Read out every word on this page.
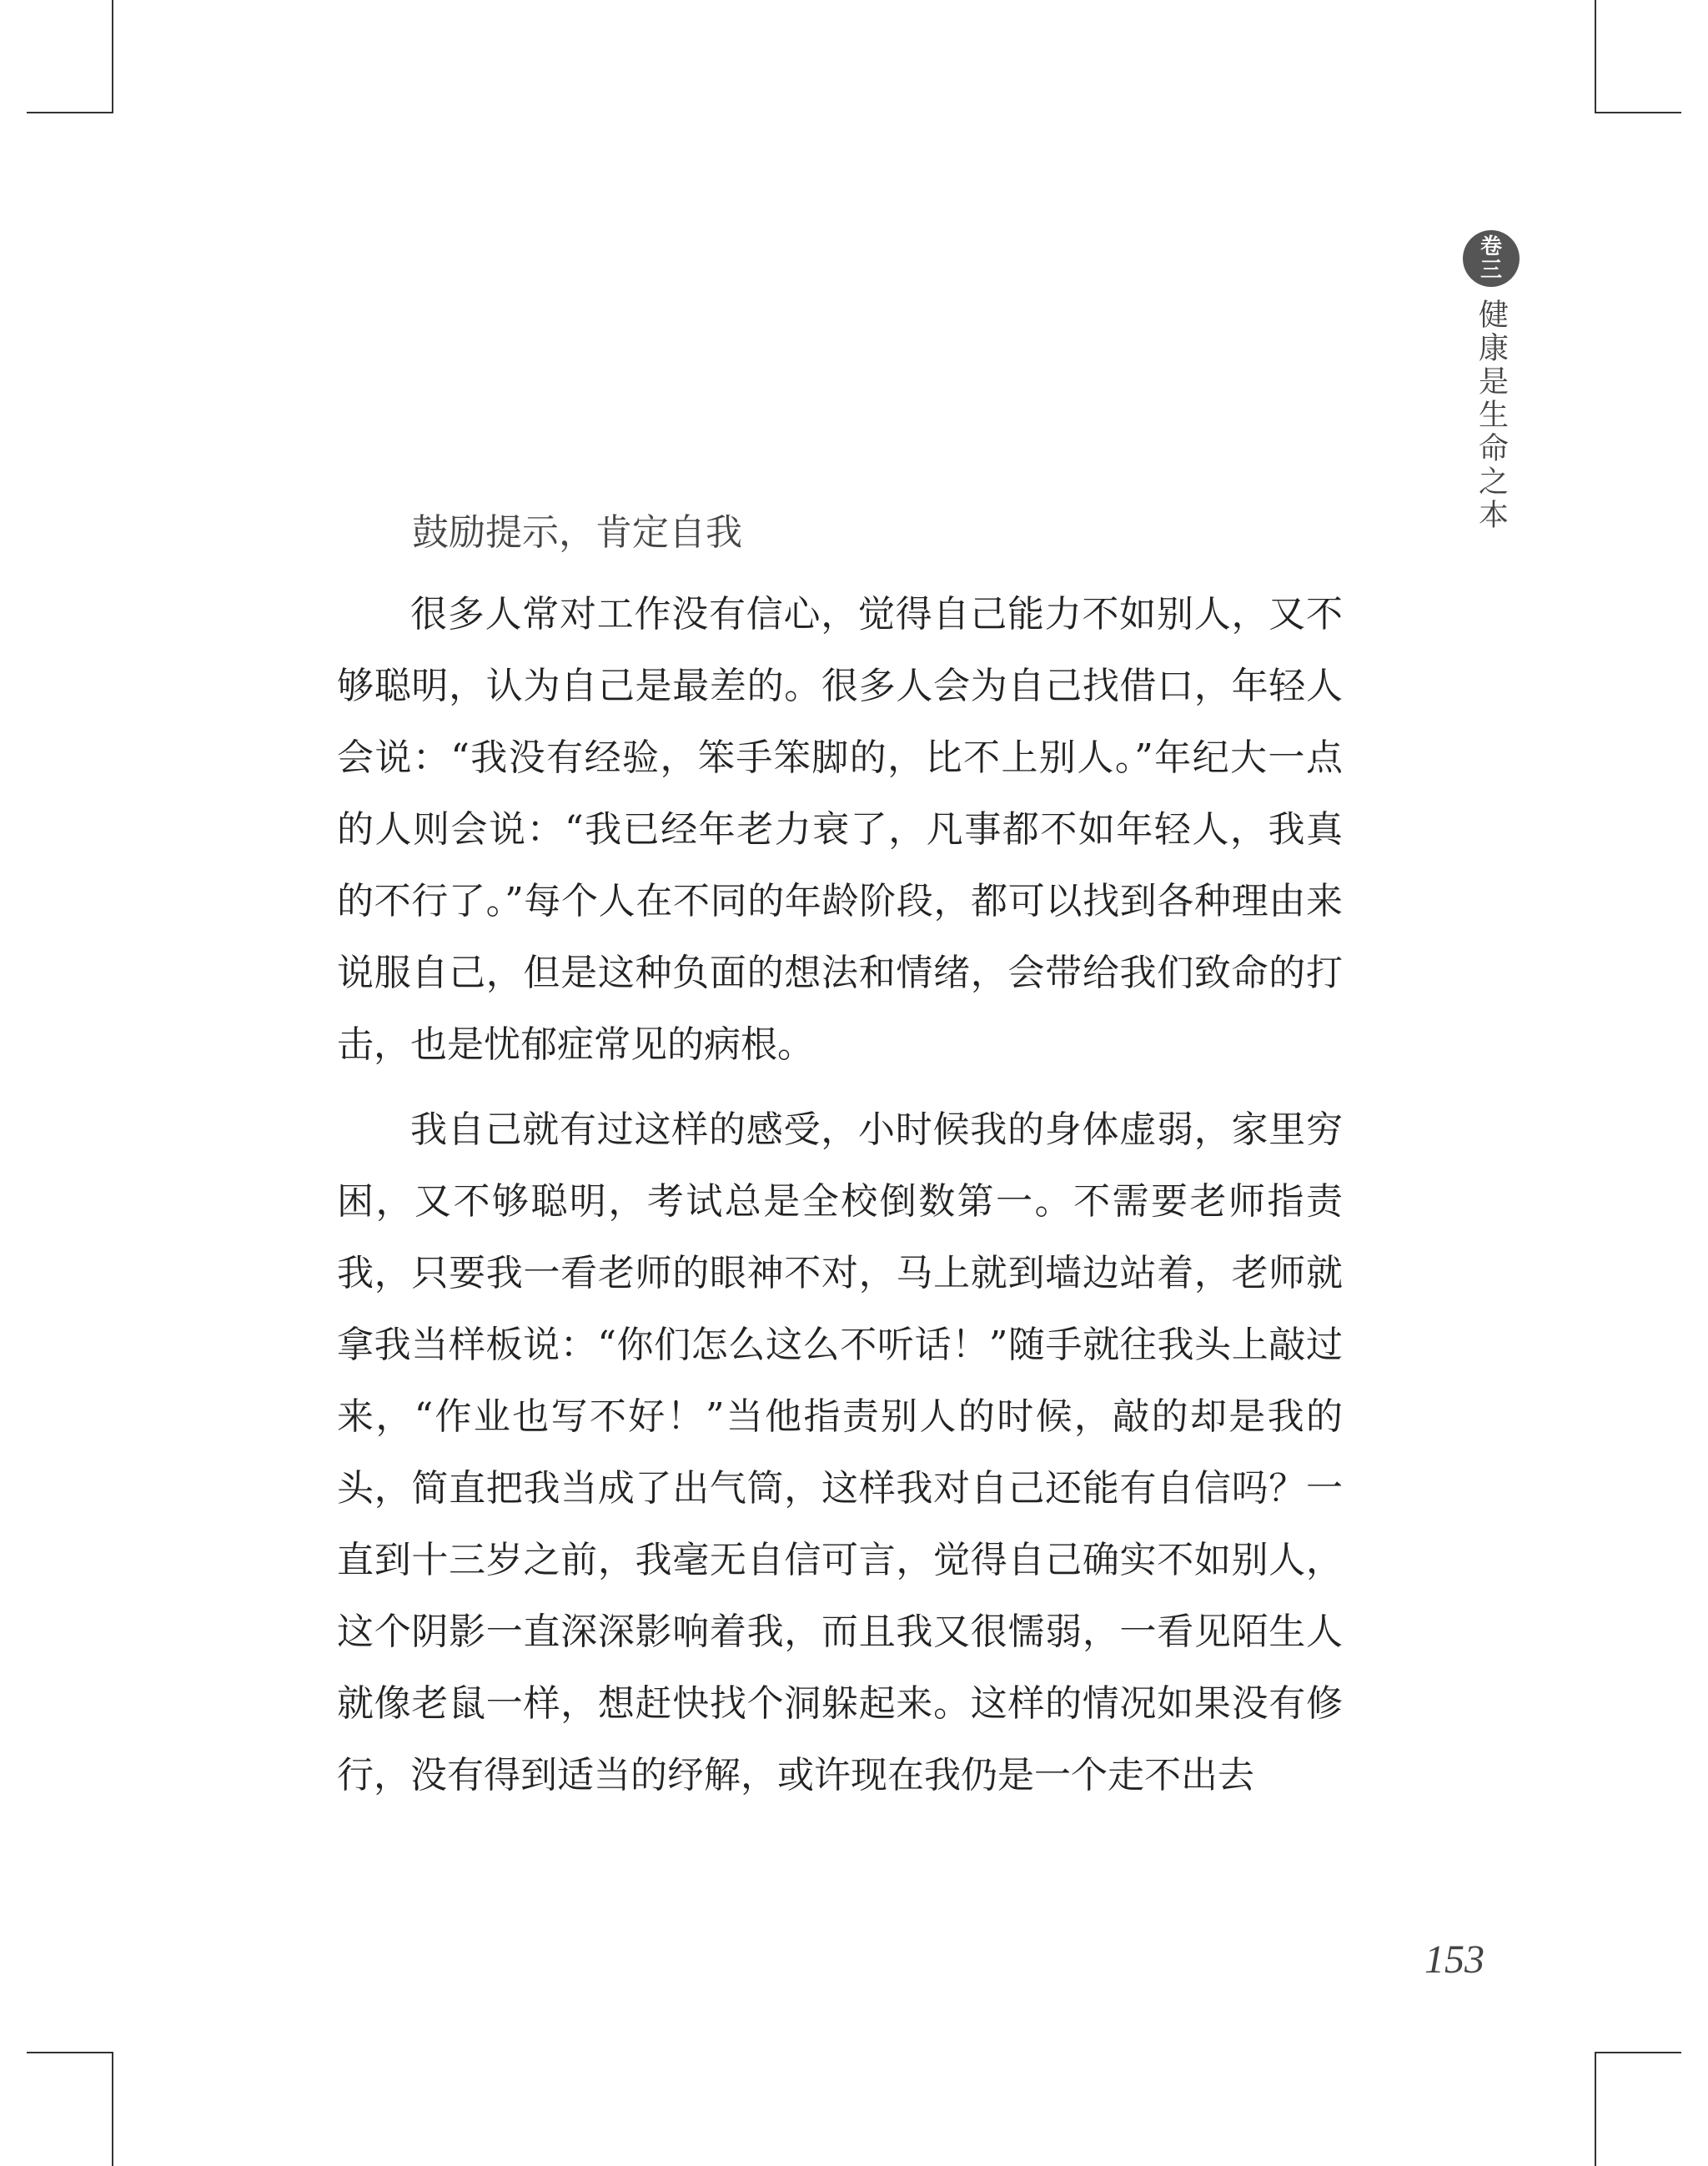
卷
三
健康是生命之本
鼓励提示，肯定自我

很多人常对工作没有信心，觉得自己能力不如别人，又不够聪明，认为自己是最差的。很多人会为自己找借口，年轻人会说：“我没有经验，笨手笨脚的，比不上别人。”年纪大一点的人则会说：“我已经年老力衰了，凡事都不如年轻人，我真的不行了。”每个人在不同的年龄阶段，都可以找到各种理由来说服自己，但是这种负面的想法和情绪，会带给我们致命的打击，也是忧郁症常见的病根。

我自己就有过这样的感受，小时候我的身体虚弱，家里穷困，又不够聪明，考试总是全校倒数第一。不需要老师指责我，只要我一看老师的眼神不对，马上就到墙边站着，老师就拿我当样板说：“你们怎么这么不听话！”随手就往我头上敲过来，“作业也写不好！”当他指责别人的时候，敲的却是我的头，简直把我当成了出气筒，这样我对自己还能有自信吗？一直到十三岁之前，我毫无自信可言，觉得自己确实不如别人，这个阴影一直深深影响着我，而且我又很懦弱，一看见陌生人就像老鼠一样，想赶快找个洞躲起来。这样的情况如果没有修行，没有得到适当的纾解，或许现在我仍是一个走不出去

153
